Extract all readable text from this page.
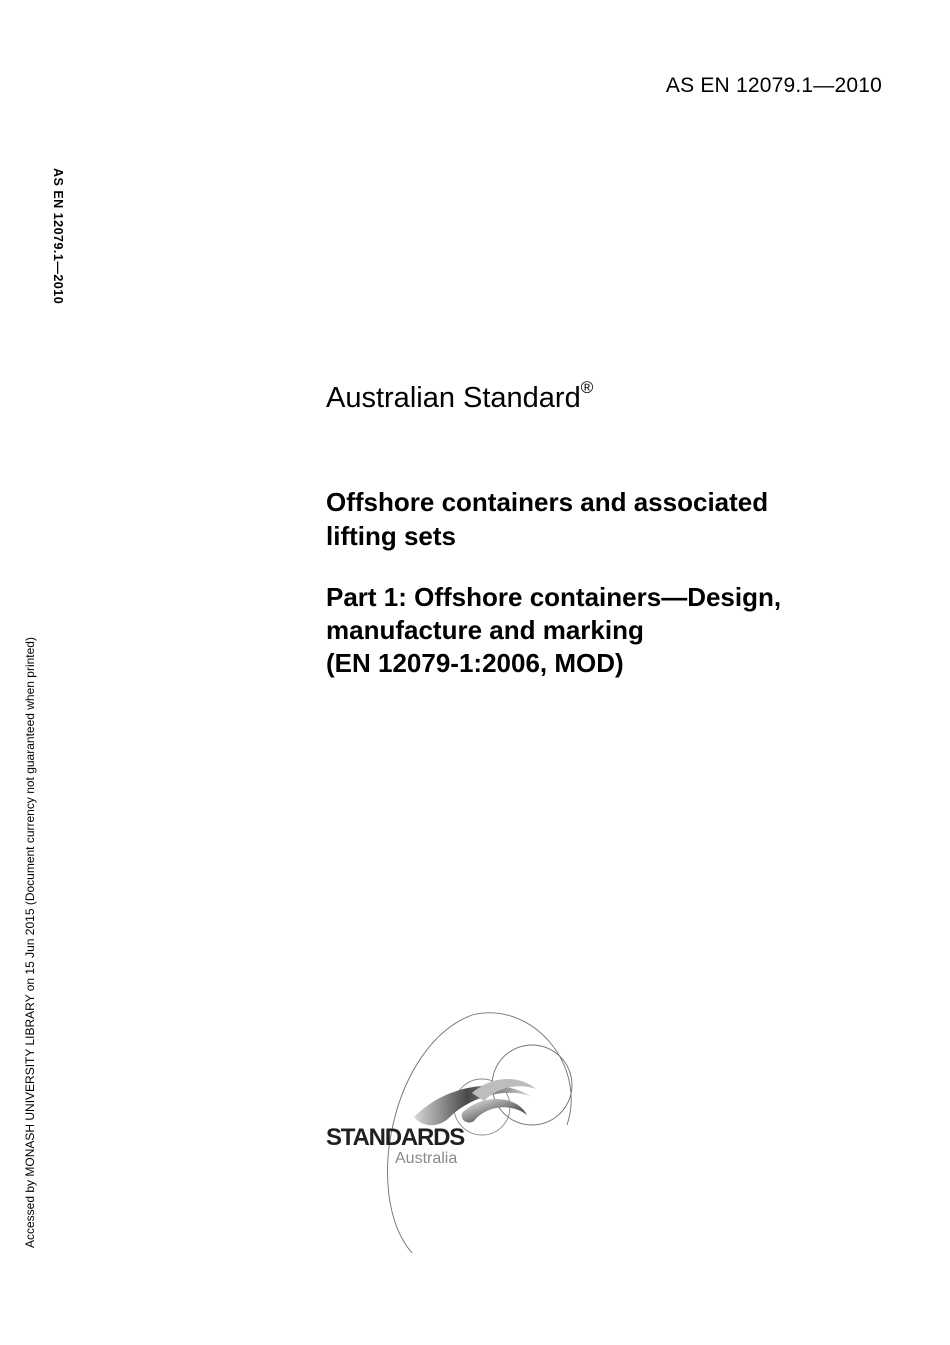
AS EN 12079.1—2010
AS EN 12079.1—2010
Accessed by MONASH UNIVERSITY LIBRARY on 15 Jun 2015 (Document currency not guaranteed when printed)
Australian Standard®
Offshore containers and associated
lifting sets
Part 1: Offshore containers—Design,
manufacture and marking
(EN 12079-1:2006, MOD)
STANDARDS
Australia
